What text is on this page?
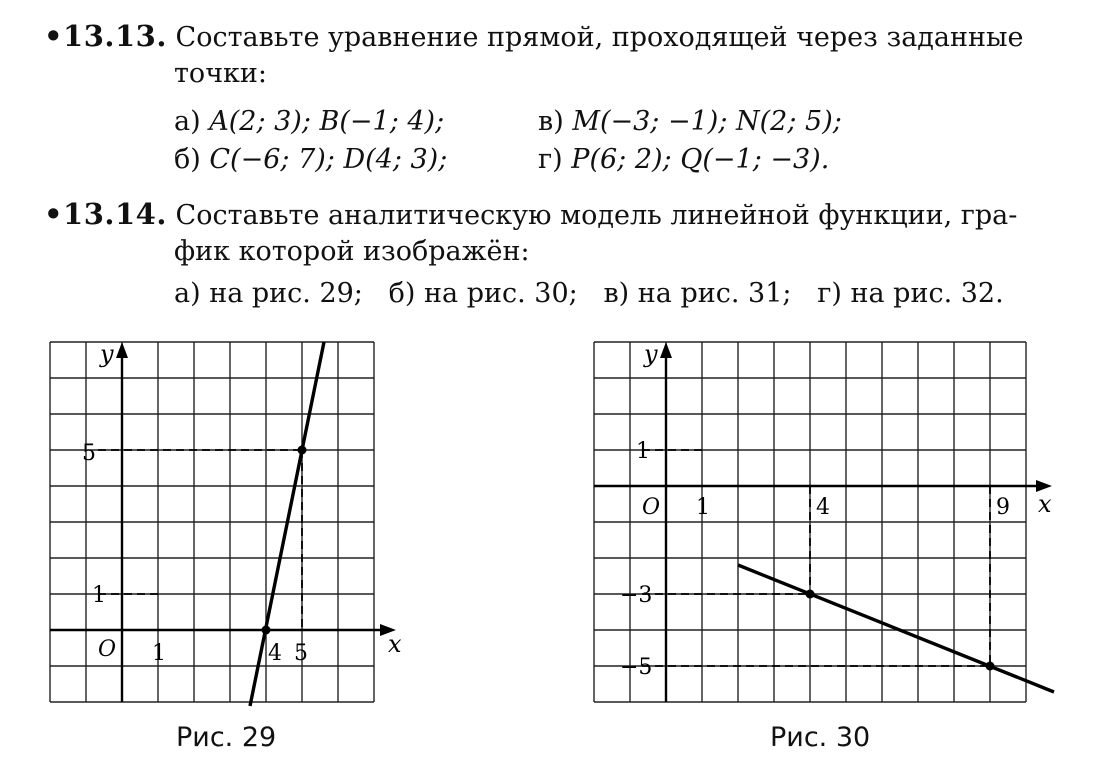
•13.13. Составьте уравнение прямой, проходящей через заданные
точки:
а) A(2; 3); B(−1; 4);	в) M(−3; −1); N(2; 5);
б) C(−6; 7); D(4; 3);	г) P(6; 2); Q(−1; −3).
•13.14. Составьте аналитическую модель линейной функции, гра-
фик которой изображён:
а) на рис. 29;   б) на рис. 30;   в) на рис. 31;   г) на рис. 32.
y
x
O 1	4 5
5
1
Рис. 29
y
x
O 1	4	9
1
−3
−5
Рис. 30
